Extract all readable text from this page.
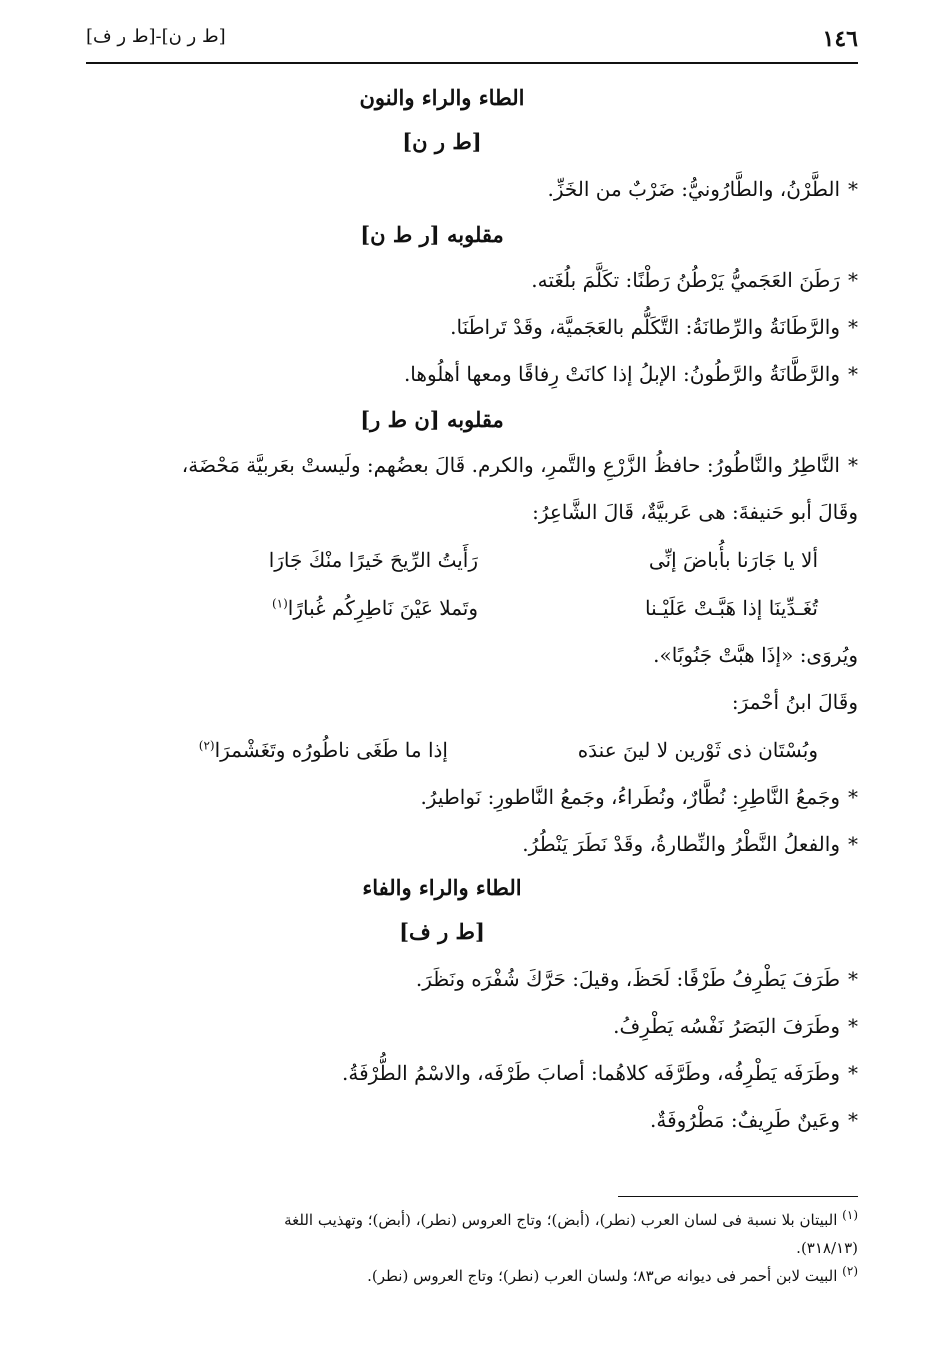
١٤٦
[ط ر ن]-[ط ر ف]
الطاء والراء والنون
[ط ر ن]
*الطَّرْنُ، والطَّارُونيُّ: ضَرْبٌ من الخَزِّ.
مقلوبه [ر ط ن]
*رَطَنَ العَجَميُّ يَرْطُنُ رَطْنًا: تكَلَّمَ بلُغَته.
*والرَّطَانَةُ والرِّطانَةُ: التَّكَلُّم بالعَجَميَّة، وقَدْ تَراطَنَا.
*والرَّطَّانَةُ والرَّطُونُ: الإبلُ إذا كانَتْ رِفاقًا ومعها أهلُوها.
مقلوبه [ن ط ر]
*النَّاطِرُ والنَّاطُورُ: حافظُ الزَّرْعِ والتَّمرِ، والكرم. قَالَ بعضُهم: ولَيستْ بعَربيَّة مَحْضَة،
وقَالَ أبو حَنيفةَ: هى عَربيَّةٌ، قَالَ الشَّاعِرُ:
ألا يا جَارَنا بأُباضَ إنِّى
رَأَيتُ الرِّيحَ خَيرًا منْكَ جَارَا
تُغَـدِّينَا إذا هَبَّـتْ عَلَيْـنا
وتَملا عَيْنَ نَاطِرِكُم غُبارًا$^{(١)}$
ويُروَى: «إذَا هبَّتْ جَنُوبًا».
وقَالَ ابنُ أحْمرَ:
وبُسْتَان ذى ثَوْرين لا لينَ عندَه
إذا ما طَغَى ناطُورُه وتَغَشْمرَا$^{(٢)}$
*وجَمعُ النَّاطِرِ: نُطَّارٌ، ونُطَراءُ، وجَمعُ النَّاطورِ: نَواطيرُ.
*والفعلُ النَّطْرُ والنِّطارةُ، وقَدْ نَطَرَ يَنْطُرُ.
الطاء والراء والفاء
[ط ر ف]
*طَرَفَ يَطْرِفُ طَرْفًا: لَحَظَ، وقيلَ: حَرَّكَ شُفْرَه ونَظَرَ.
*وطَرَفَ البَصَرُ نَفْسُه يَطْرِفُ.
*وطَرَفَه يَطْرِفُه، وطَرَّفَه كلاهُما: أصابَ طَرْفَه، والاسْمُ الطُّرْفَةُ.
*وعَينٌ طَرِيفٌ: مَطْرُوفَةٌ.
$^{(١)}$ البيتان بلا نسبة فى لسان العرب (نطر)، (أبض)؛ وتاج العروس (نطر)، (أبض)؛ وتهذيب اللغة
(٣١٨/١٣).
$^{(٢)}$ البيت لابن أحمر فى ديوانه ص٨٣؛ ولسان العرب (نطر)؛ وتاج العروس (نطر).
